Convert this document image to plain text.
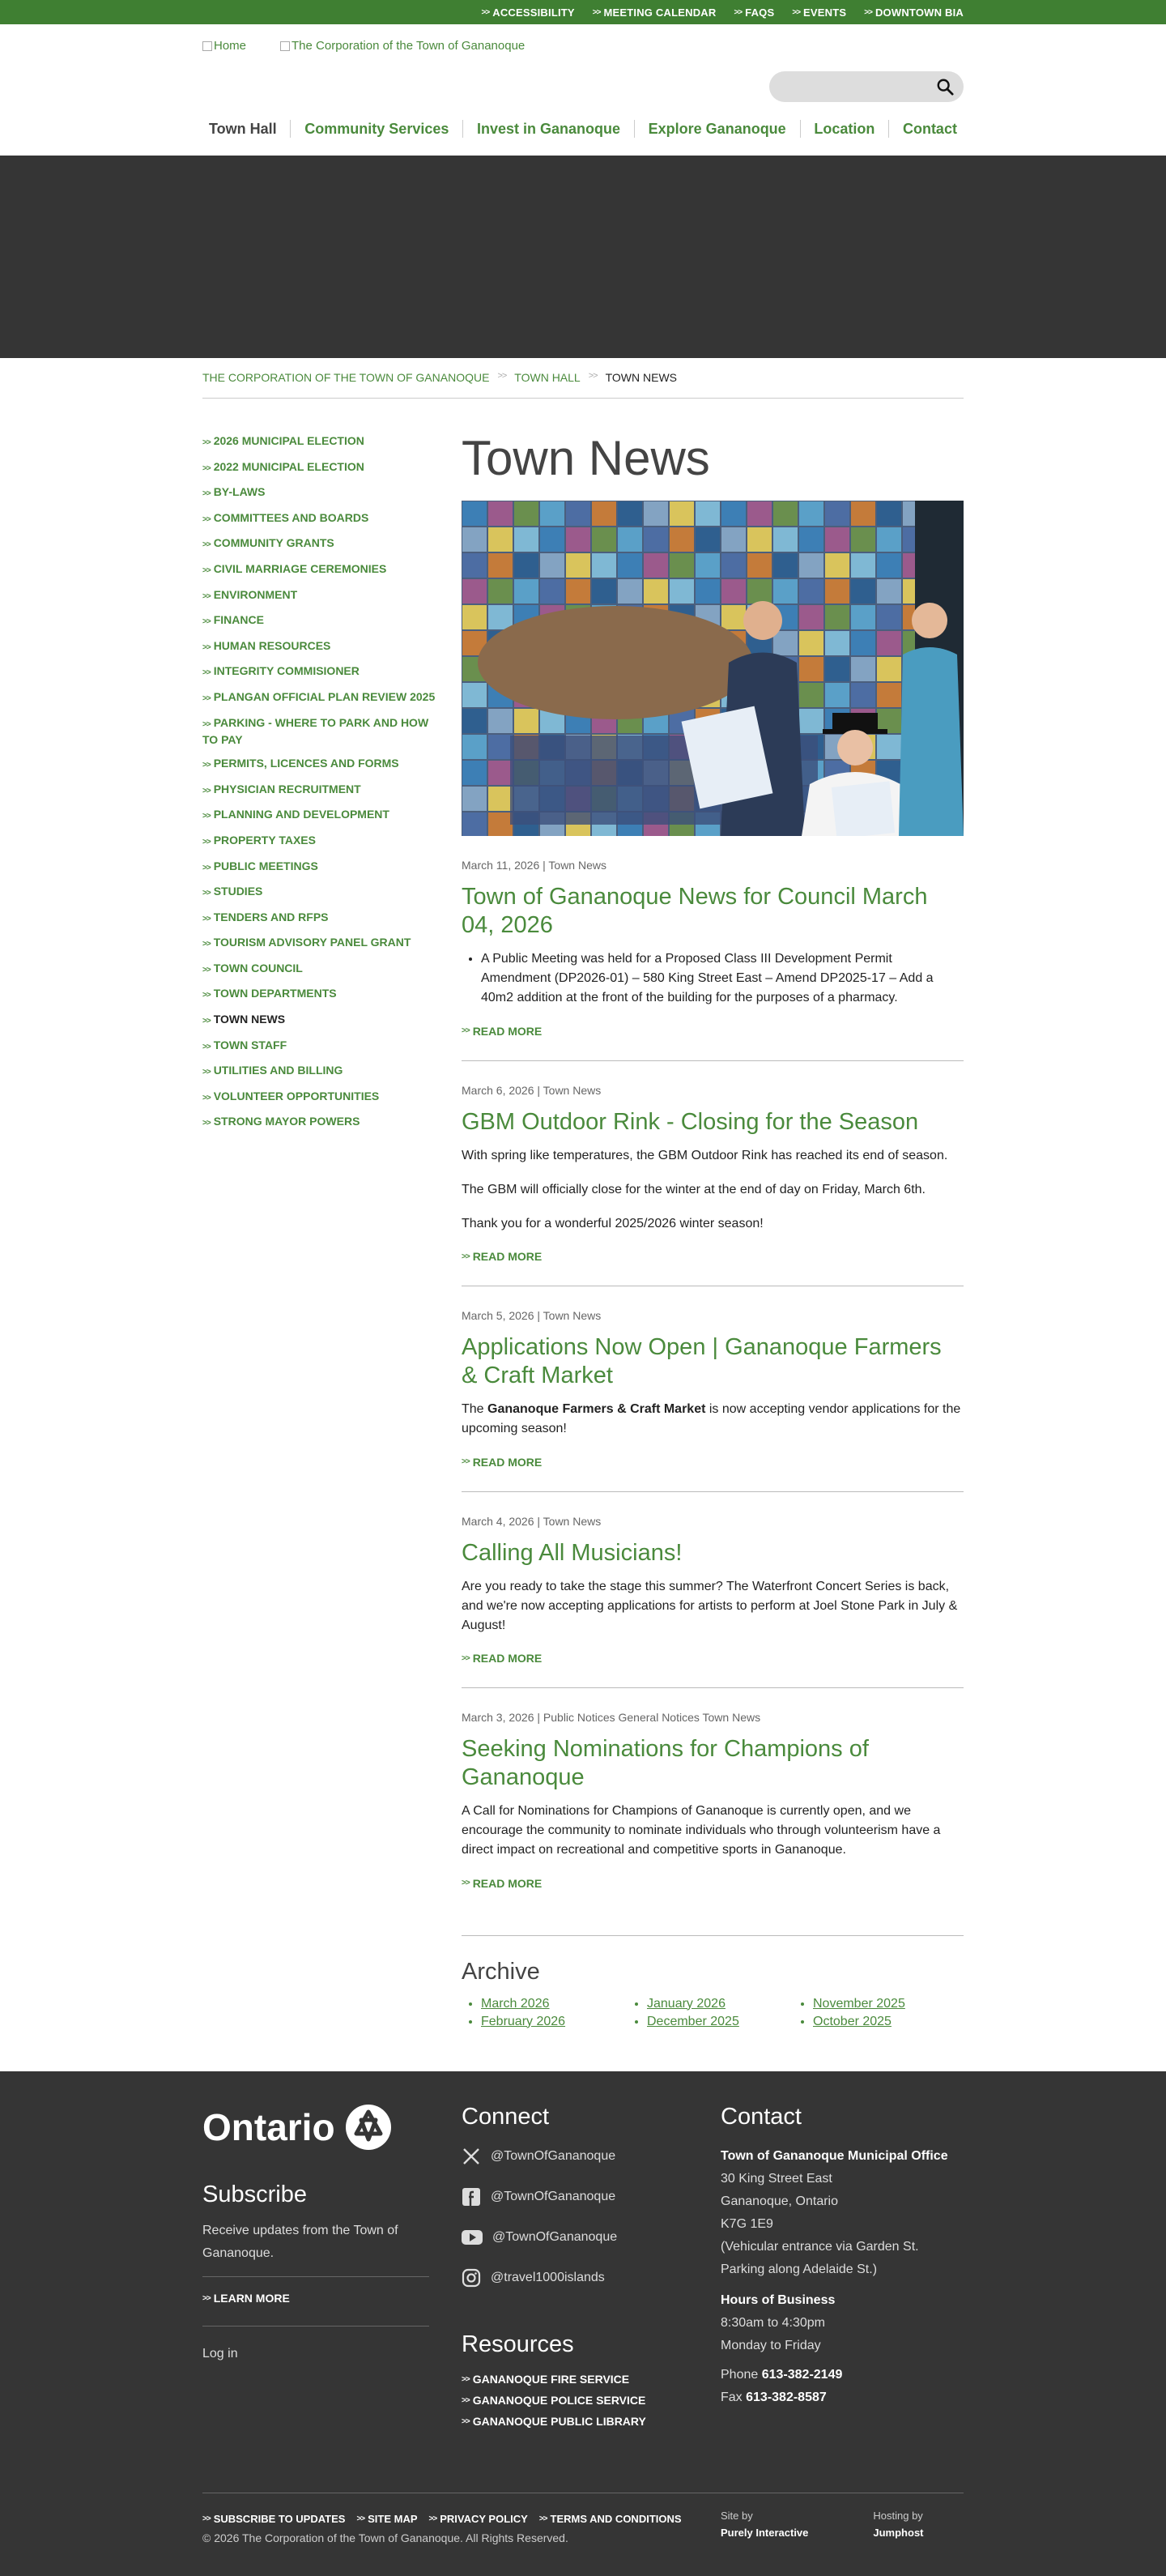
>> ACCESSIBILITY >> MEETING CALENDAR >> FAQS >> EVENTS >> DOWNTOWN BIA
Home	The Corporation of the Town of Gananoque
Town Hall	Community Services	Invest in Gananoque	Explore Gananoque	Location	Contact
THE CORPORATION OF THE TOWN OF GANANOQUE >> TOWN HALL >> TOWN NEWS
>> 2026 MUNICIPAL ELECTION
>> 2022 MUNICIPAL ELECTION
>> BY-LAWS
>> COMMITTEES AND BOARDS
>> COMMUNITY GRANTS
>> CIVIL MARRIAGE CEREMONIES
>> ENVIRONMENT
>> FINANCE
>> HUMAN RESOURCES
>> INTEGRITY COMMISIONER
>> PLANGAN OFFICIAL PLAN REVIEW 2025
>> PARKING - WHERE TO PARK AND HOW TO PAY
>> PERMITS, LICENCES AND FORMS
>> PHYSICIAN RECRUITMENT
>> PLANNING AND DEVELOPMENT
>> PROPERTY TAXES
>> PUBLIC MEETINGS
>> STUDIES
>> TENDERS AND RFPS
>> TOURISM ADVISORY PANEL GRANT
>> TOWN COUNCIL
>> TOWN DEPARTMENTS
>> TOWN NEWS
>> TOWN STAFF
>> UTILITIES AND BILLING
>> VOLUNTEER OPPORTUNITIES
>> STRONG MAYOR POWERS
Town News
March 11, 2026 | Town News
Town of Gananoque News for Council March 04, 2026
• A Public Meeting was held for a Proposed Class III Development Permit Amendment (DP2026-01) – 580 King Street East – Amend DP2025-17 – Add a 40m2 addition at the front of the building for the purposes of a pharmacy.
>> READ MORE
March 6, 2026 | Town News
GBM Outdoor Rink - Closing for the Season

With spring like temperatures, the GBM Outdoor Rink has reached its end of season.

The GBM will officially close for the winter at the end of day on Friday, March 6th.

Thank you for a wonderful 2025/2026 winter season!

>> READ MORE
March 5, 2026 | Town News
Applications Now Open | Gananoque Farmers & Craft Market

The Gananoque Farmers & Craft Market is now accepting vendor applications for the upcoming season!

>> READ MORE
March 4, 2026 | Town News
Calling All Musicians!

Are you ready to take the stage this summer? The Waterfront Concert Series is back, and we're now accepting applications for artists to perform at Joel Stone Park in July & August!

>> READ MORE
March 3, 2026 | Public Notices General Notices Town News
Seeking Nominations for Champions of Gananoque

A Call for Nominations for Champions of Gananoque is currently open, and we encourage the community to nominate individuals who through volunteerism have a direct impact on recreational and competitive sports in Gananoque.

>> READ MORE
Archive
• March 2026	• January 2026	• November 2025
• February 2026	• December 2025	• October 2025
Ontario
Subscribe

Receive updates from the Town of Gananoque.

>> LEARN MORE
Log in
Connect
@TownOfGananoque
@TownOfGananoque
@TownOfGananoque
@travel1000islands
Resources
>> GANANOQUE FIRE SERVICE
>> GANANOQUE POLICE SERVICE
>> GANANOQUE PUBLIC LIBRARY
Contact
Town of Gananoque Municipal Office
30 King Street East
Gananoque, Ontario
K7G 1E9
(Vehicular entrance via Garden St. Parking along Adelaide St.)
Hours of Business
8:30am to 4:30pm
Monday to Friday
Phone 613-382-2149
Fax 613-382-8587
>> SUBSCRIBE TO UPDATES >> SITE MAP >> PRIVACY POLICY >> TERMS AND CONDITIONS
© 2026 The Corporation of the Town of Gananoque. All Rights Reserved.
Site by
Purely Interactive
Hosting by
Jumphost
